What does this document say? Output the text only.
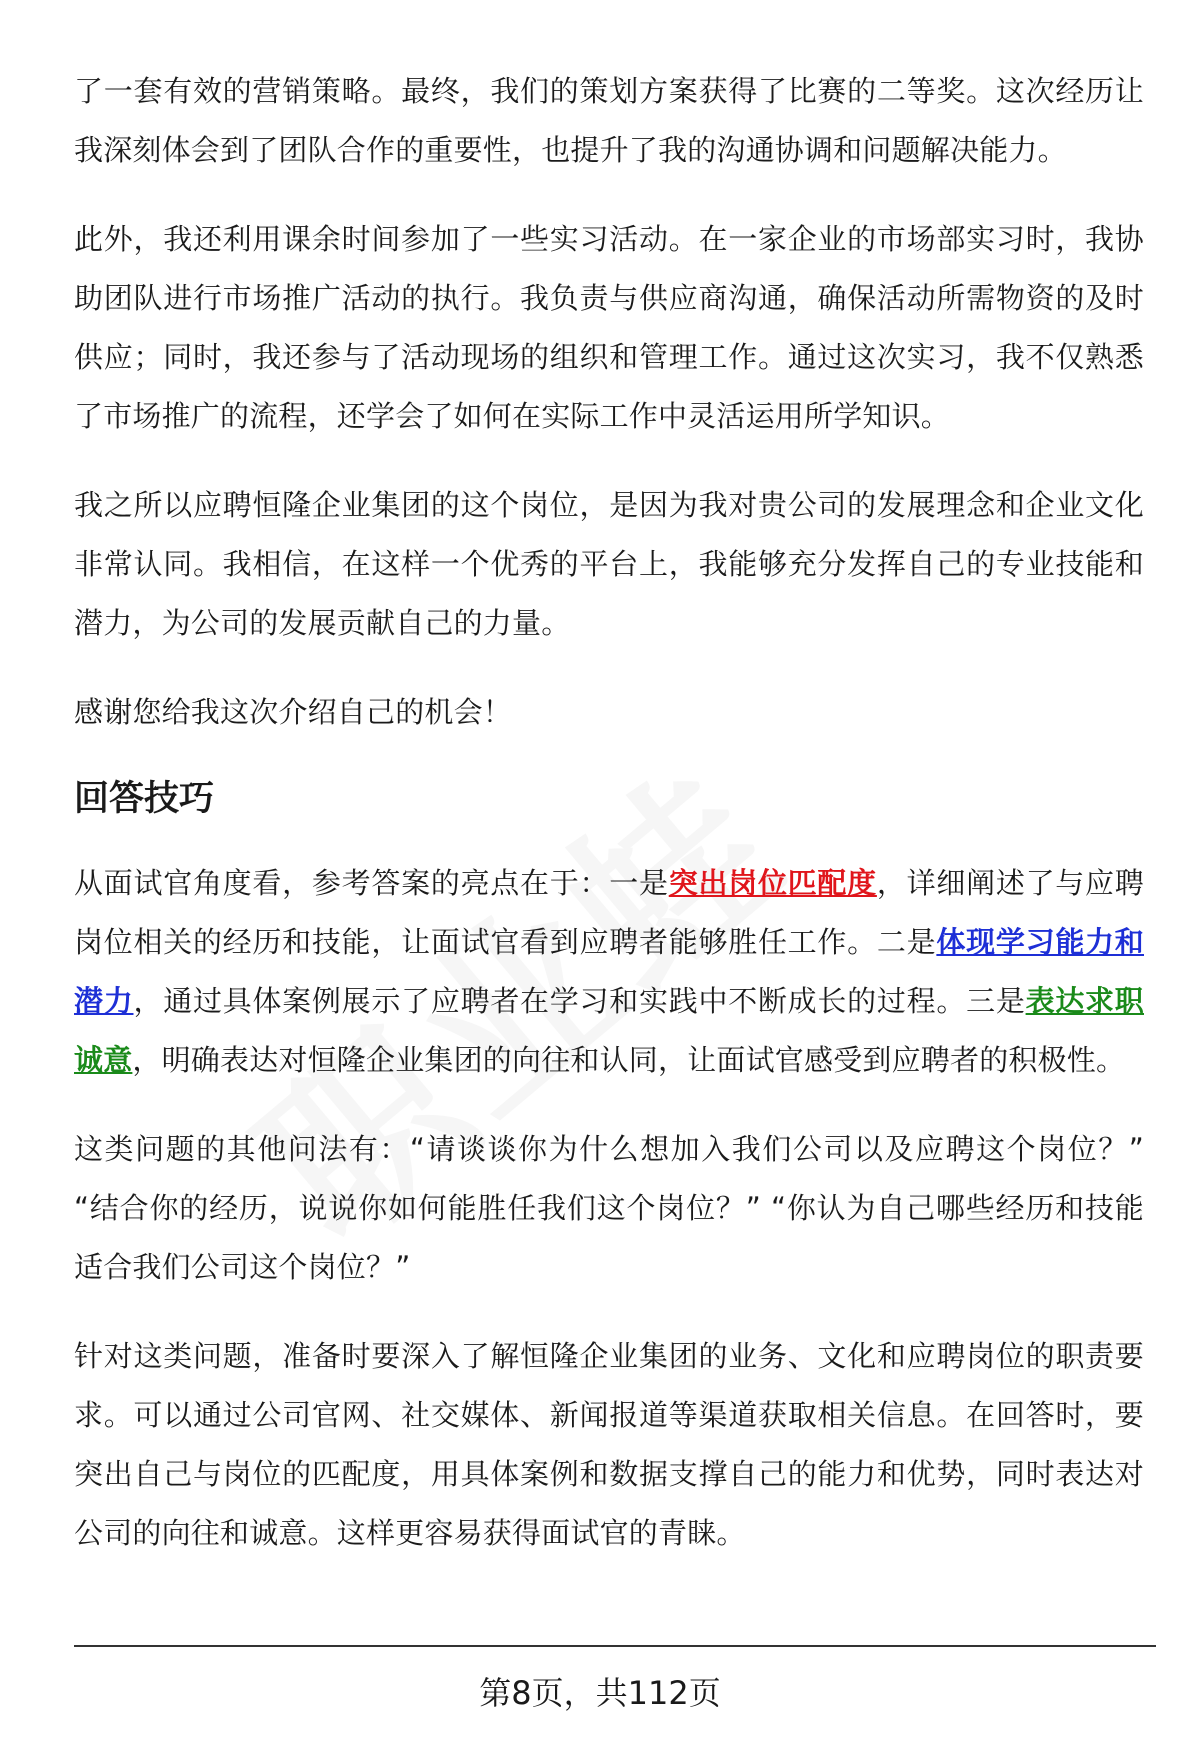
了一套有效的营销策略。最终，我们的策划方案获得了比赛的二等奖。这次经历让我深刻体会到了团队合作的重要性，也提升了我的沟通协调和问题解决能力。

此外，我还利用课余时间参加了一些实习活动。在一家企业的市场部实习时，我协助团队进行市场推广活动的执行。我负责与供应商沟通，确保活动所需物资的及时供应；同时，我还参与了活动现场的组织和管理工作。通过这次实习，我不仅熟悉了市场推广的流程，还学会了如何在实际工作中灵活运用所学知识。

我之所以应聘恒隆企业集团的这个岗位，是因为我对贵公司的发展理念和企业文化非常认同。我相信，在这样一个优秀的平台上，我能够充分发挥自己的专业技能和潜力，为公司的发展贡献自己的力量。

感谢您给我这次介绍自己的机会！

回答技巧

从面试官角度看，参考答案的亮点在于：一是突出岗位匹配度，详细阐述了与应聘岗位相关的经历和技能，让面试官看到应聘者能够胜任工作。二是体现学习能力和潜力，通过具体案例展示了应聘者在学习和实践中不断成长的过程。三是表达求职诚意，明确表达对恒隆企业集团的向往和认同，让面试官感受到应聘者的积极性。

这类问题的其他问法有：“请谈谈你为什么想加入我们公司以及应聘这个岗位？” “结合你的经历，说说你如何能胜任我们这个岗位？” “你认为自己哪些经历和技能适合我们公司这个岗位？”

针对这类问题，准备时要深入了解恒隆企业集团的业务、文化和应聘岗位的职责要求。可以通过公司官网、社交媒体、新闻报道等渠道获取相关信息。在回答时，要突出自己与岗位的匹配度，用具体案例和数据支撑自己的能力和优势，同时表达对公司的向往和诚意。这样更容易获得面试官的青睐。

第8页，共112页
